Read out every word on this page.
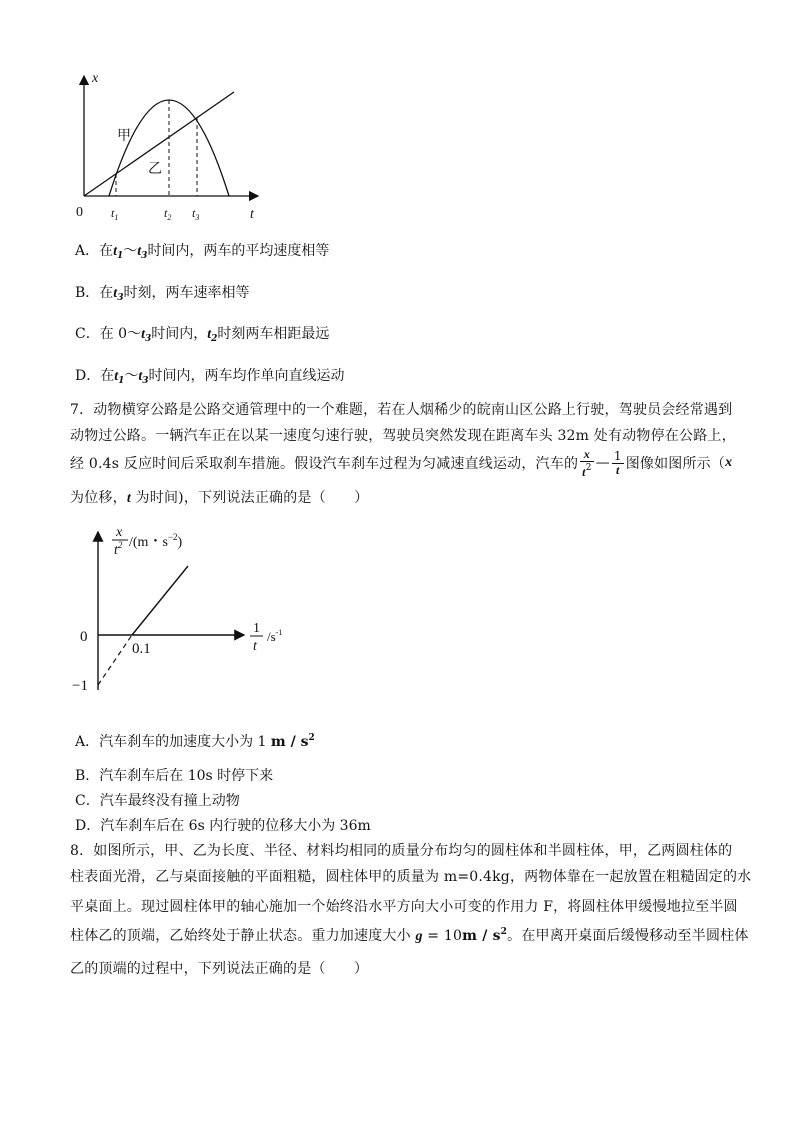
x
t
0
甲
乙
$t_1$	$t_2$ $t_3$
A．在$t_1\sim t_3$时间内，两车的平均速度相等
B．在$t_3$时刻，两车速率相等
C．在 $0\sim t_3$时间内，$t_2$时刻两车相距最远
D．在$t_1\sim t_3$时间内，两车均作单向直线运动
7．动物横穿公路是公路交通管理中的一个难题，若在人烟稀少的皖南山区公路上行驶，驾驶员会经常遇到
动物过公路。一辆汽车正在以某一速度匀速行驶，驾驶员突然发现在距离车头 32m 处有动物停在公路上，
经 0.4s 反应时间后采取刹车措施。假设汽车刹车过程为匀减速直线运动，汽车的 $\frac{x}{t^2}$ — $\frac{1}{t}$ 图像如图所示（ x
为位移，t 为时间)，下列说法正确的是（　　）
0
0.1
−1
x
$t^2$ /(m・$s^{-2}$)
1
t
$/s^{-1}$
A．汽车刹车的加速度大小为 1 m / $s^2$
B．汽车刹车后在 10s 时停下来
C．汽车最终没有撞上动物
D．汽车刹车后在 6s 内行驶的位移大小为 36m
8．如图所示，甲、乙为长度、半径、材料均相同的质量分布均匀的圆柱体和半圆柱体，甲，乙两圆柱体的
柱表面光滑，乙与桌面接触的平面粗糙，圆柱体甲的质量为 m=0.4kg，两物体靠在一起放置在粗糙固定的水
平桌面上。现过圆柱体甲的轴心施加一个始终沿水平方向大小可变的作用力 F，将圆柱体甲缓慢地拉至半圆
柱体乙的顶端，乙始终处于静止状态。重力加速度大小 $g = 10m / s^2$。在甲离开桌面后缓慢移动至半圆柱体
乙的顶端的过程中，下列说法正确的是（　　）
